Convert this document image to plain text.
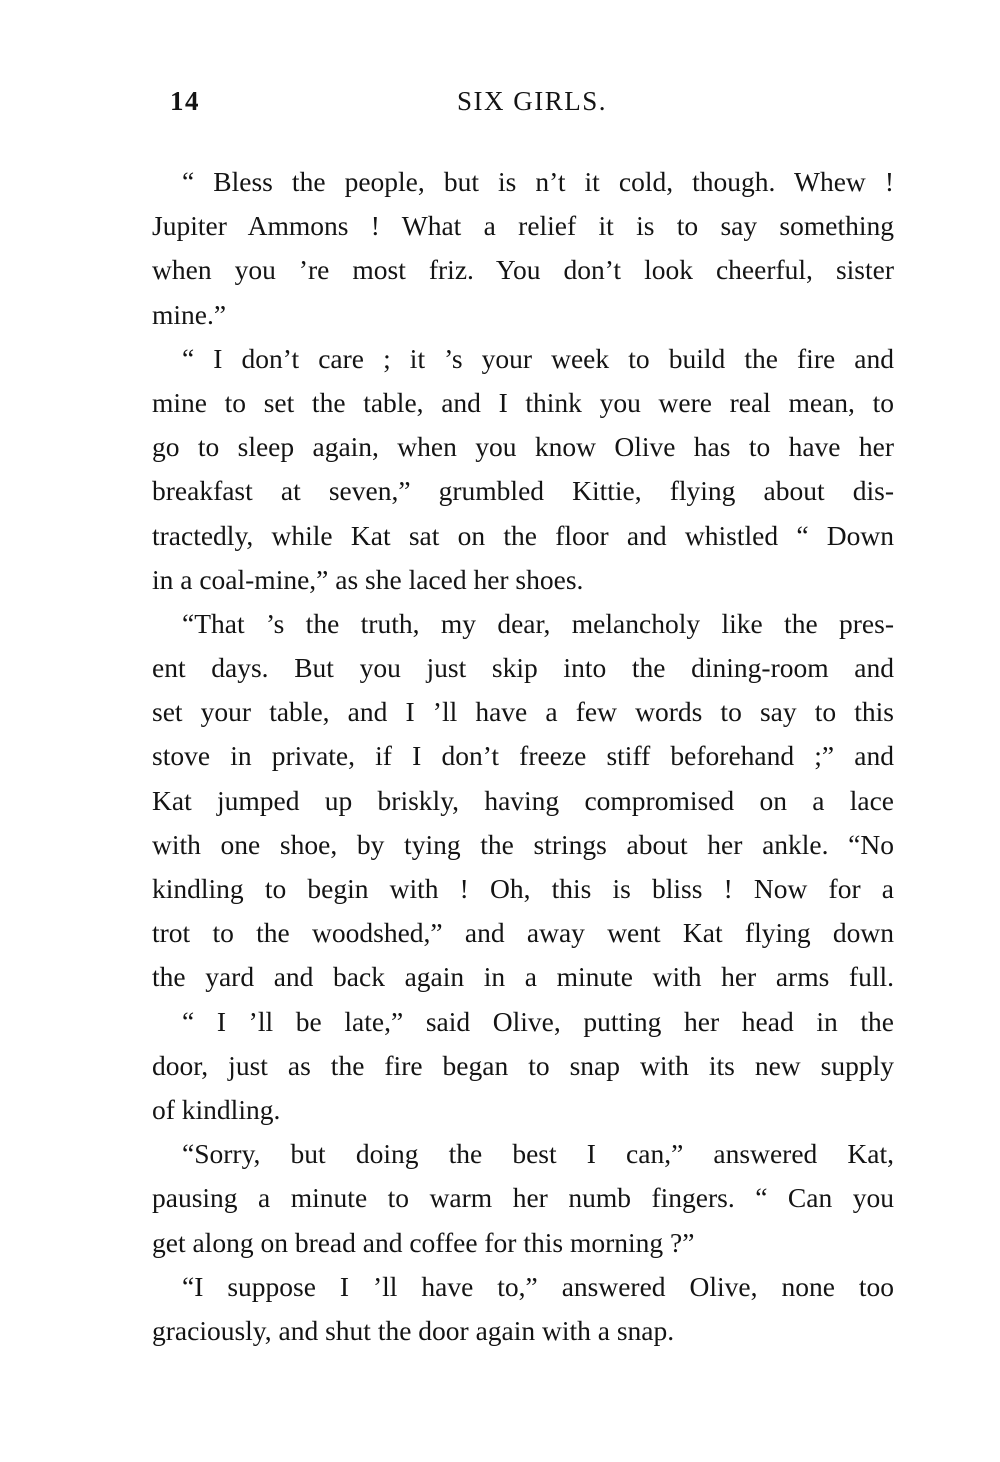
14	SIX GIRLS.
“ Bless the people, but is n’t it cold, though. Whew !
Jupiter Ammons ! What a relief it is to say something
when you ’re most friz. You don’t look cheerful, sister
mine.”
“ I don’t care ; it ’s your week to build the fire and
mine to set the table, and I think you were real mean, to
go to sleep again, when you know Olive has to have her
breakfast at seven,” grumbled Kittie, flying about dis-
tractedly, while Kat sat on the floor and whistled “ Down
in a coal-mine,” as she laced her shoes.
“That ’s the truth, my dear, melancholy like the pres-
ent days. But you just skip into the dining-room and
set your table, and I ’ll have a few words to say to this
stove in private, if I don’t freeze stiff beforehand ;” and
Kat jumped up briskly, having compromised on a lace
with one shoe, by tying the strings about her ankle. “No
kindling to begin with ! Oh, this is bliss ! Now for a
trot to the woodshed,” and away went Kat flying down
the yard and back again in a minute with her arms full.
“ I ’ll be late,” said Olive, putting her head in the
door, just as the fire began to snap with its new supply
of kindling.
“Sorry, but doing the best I can,” answered Kat,
pausing a minute to warm her numb fingers. “ Can you
get along on bread and coffee for this morning ?”
“I suppose I ’ll have to,” answered Olive, none too
graciously, and shut the door again with a snap.
